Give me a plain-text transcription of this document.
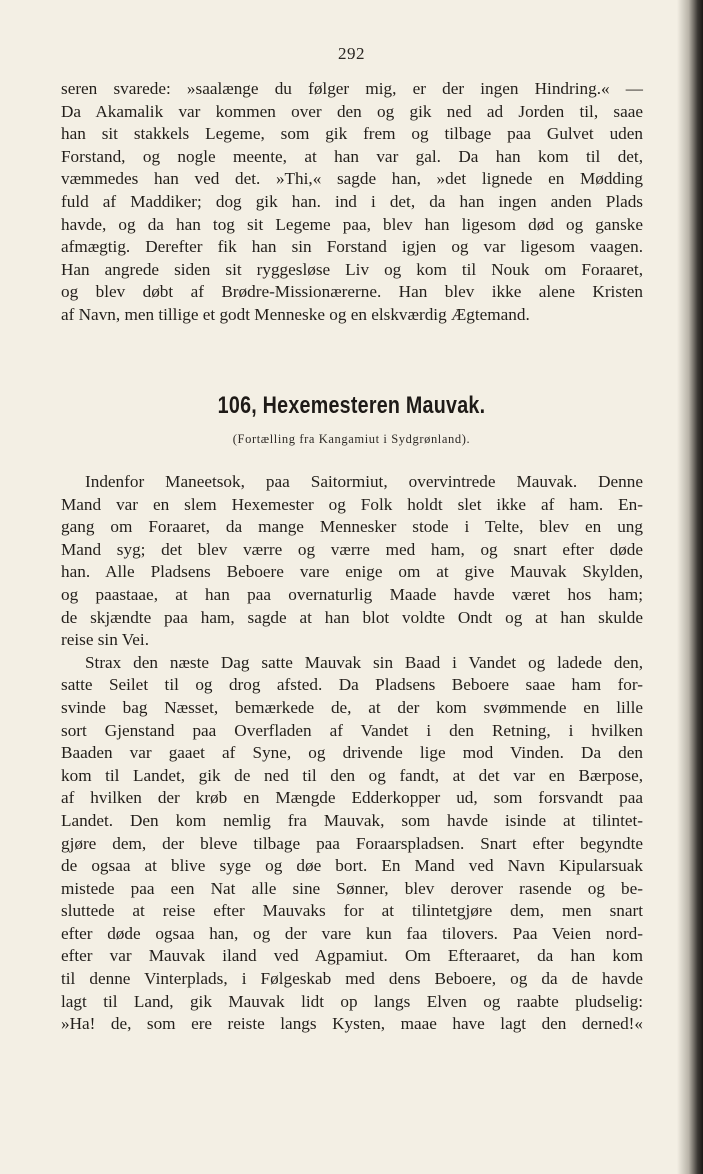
292
seren svarede: »saalænge du følger mig, er der ingen Hindring.« —
Da Akamalik var kommen over den og gik ned ad Jorden til, saae
han sit stakkels Legeme, som gik frem og tilbage paa Gulvet uden
Forstand, og nogle meente, at han var gal. Da han kom til det,
væmmedes han ved det. »Thi,« sagde han, »det lignede en Mødding
fuld af Maddiker; dog gik han. ind i det, da han ingen anden Plads
havde, og da han tog sit Legeme paa, blev han ligesom død og ganske
afmægtig. Derefter fik han sin Forstand igjen og var ligesom vaagen.
Han angrede siden sit ryggesløse Liv og kom til Nouk om Foraaret,
og blev døbt af Brødre-Missionærerne. Han blev ikke alene Kristen
af Navn, men tillige et godt Menneske og en elskværdig Ægtemand.
106, Hexemesteren Mauvak.
(Fortælling fra Kangamiut i Sydgrønland).
Indenfor Maneetsok, paa Saitormiut, overvintrede Mauvak. Denne
Mand var en slem Hexemester og Folk holdt slet ikke af ham. En-
gang om Foraaret, da mange Mennesker stode i Telte, blev en ung
Mand syg; det blev værre og værre med ham, og snart efter døde
han. Alle Pladsens Beboere vare enige om at give Mauvak Skylden,
og paastaae, at han paa overnaturlig Maade havde været hos ham;
de skjændte paa ham, sagde at han blot voldte Ondt og at han skulde
reise sin Vei.
Strax den næste Dag satte Mauvak sin Baad i Vandet og ladede den,
satte Seilet til og drog afsted. Da Pladsens Beboere saae ham for-
svinde bag Næsset, bemærkede de, at der kom svømmende en lille
sort Gjenstand paa Overfladen af Vandet i den Retning, i hvilken
Baaden var gaaet af Syne, og drivende lige mod Vinden. Da den
kom til Landet, gik de ned til den og fandt, at det var en Bærpose,
af hvilken der krøb en Mængde Edderkopper ud, som forsvandt paa
Landet. Den kom nemlig fra Mauvak, som havde isinde at tilintet-
gjøre dem, der bleve tilbage paa Foraarspladsen. Snart efter begyndte
de ogsaa at blive syge og døe bort. En Mand ved Navn Kipularsuak
mistede paa een Nat alle sine Sønner, blev derover rasende og be-
sluttede at reise efter Mauvaks for at tilintetgjøre dem, men snart
efter døde ogsaa han, og der vare kun faa tilovers. Paa Veien nord-
efter var Mauvak iland ved Agpamiut. Om Efteraaret, da han kom
til denne Vinterplads, i Følgeskab med dens Beboere, og da de havde
lagt til Land, gik Mauvak lidt op langs Elven og raabte pludselig:
»Ha! de, som ere reiste langs Kysten, maae have lagt den derned!«
